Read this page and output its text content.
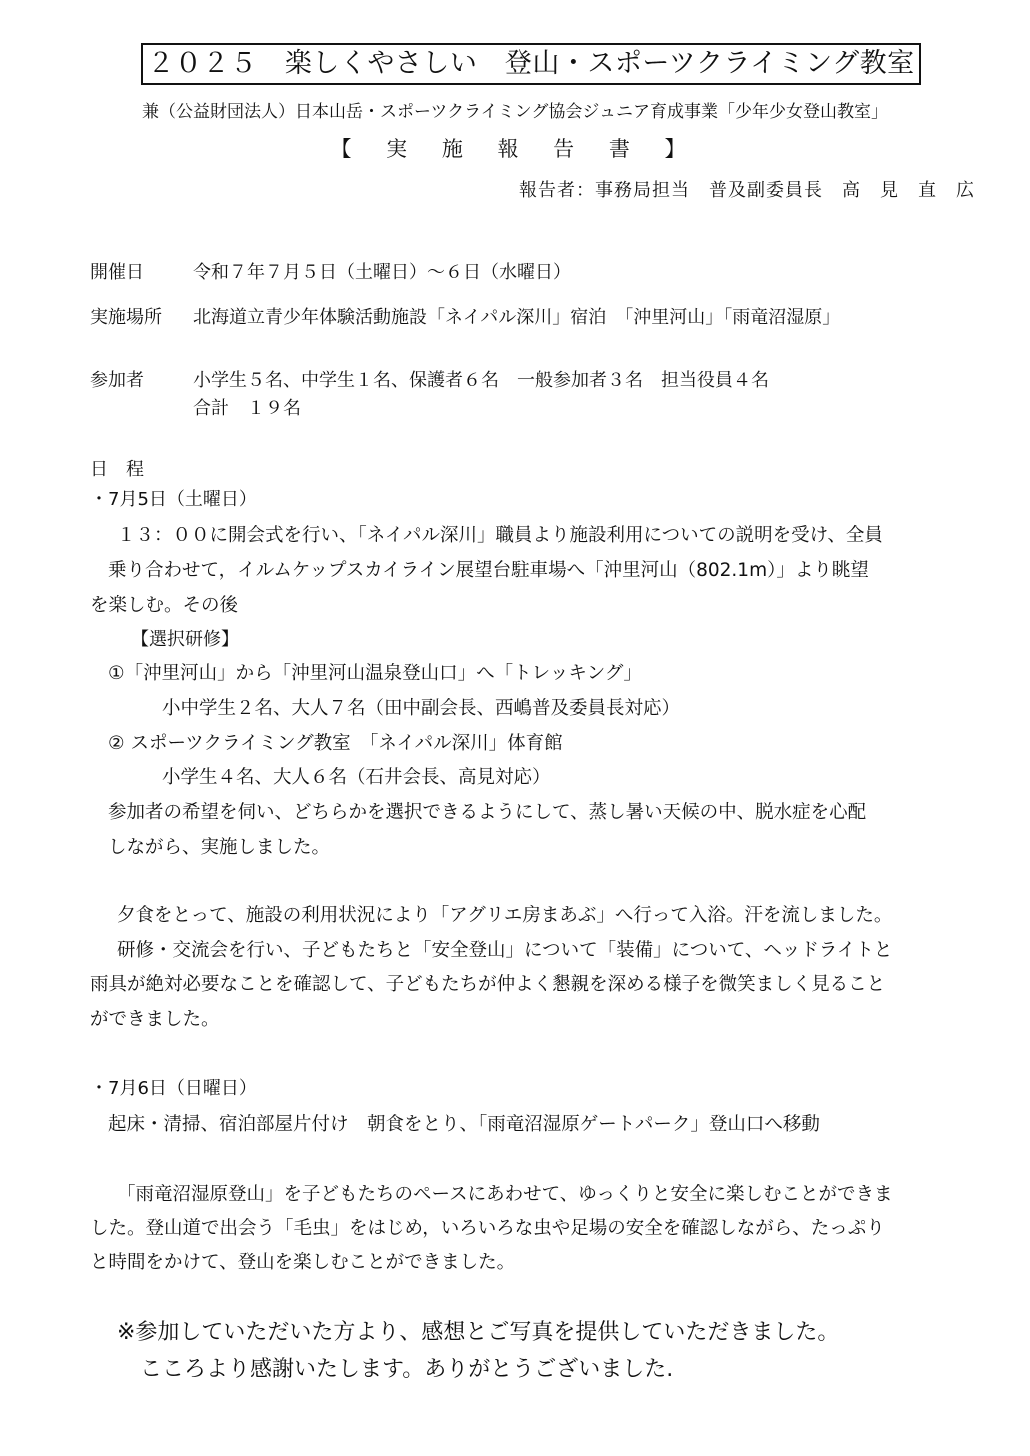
２０２５　楽しくやさしい　登山・スポーツクライミング教室
兼（公益財団法人）日本山岳・スポーツクライミング協会ジュニア育成事業「少年少女登山教室」
【 実 施 報 告 書 】
報告者：事務局担当　普及副委員長　高　見　直　広
開催日	令和７年７月５日（土曜日）～６日（水曜日）
実施場所 北海道立青少年体験活動施設「ネイパル深川」宿泊　「沖里河山」「雨竜沼湿原」
参加者	小学生５名、中学生１名、保護者６名　一般参加者３名　担当役員４名
合計　１９名
日　程
・7月5日（土曜日）
１３：００に開会式を行い、「ネイパル深川」職員より施設利用についての説明を受け、全員
乗り合わせて，イルムケップスカイライン展望台駐車場へ「沖里河山（802.1m）」より眺望
を楽しむ。その後
【選択研修】
①「沖里河山」から「沖里河山温泉登山口」へ「トレッキング」
小中学生２名、大人７名（田中副会長、西嶋普及委員長対応）
② スポーツクライミング教室　「ネイパル深川」体育館
小学生４名、大人６名（石井会長、高見対応）
参加者の希望を伺い、どちらかを選択できるようにして、蒸し暑い天候の中、脱水症を心配
しながら、実施しました。
夕食をとって、施設の利用状況により「アグリエ房まあぶ」へ行って入浴。汗を流しました。
研修・交流会を行い、子どもたちと「安全登山」について「装備」について、ヘッドライトと
雨具が絶対必要なことを確認して、子どもたちが仲よく懇親を深める様子を微笑ましく見ること
ができました。
・7月6日（日曜日）
起床・清掃、宿泊部屋片付け　朝食をとり、「雨竜沼湿原ゲートパーク」登山口へ移動
「雨竜沼湿原登山」を子どもたちのペースにあわせて、ゆっくりと安全に楽しむことができま
した。登山道で出会う「毛虫」をはじめ，いろいろな虫や足場の安全を確認しながら、たっぷり
と時間をかけて、登山を楽しむことができました。
※参加していただいた方より、感想とご写真を提供していただきました。
こころより感謝いたします。ありがとうございました.
